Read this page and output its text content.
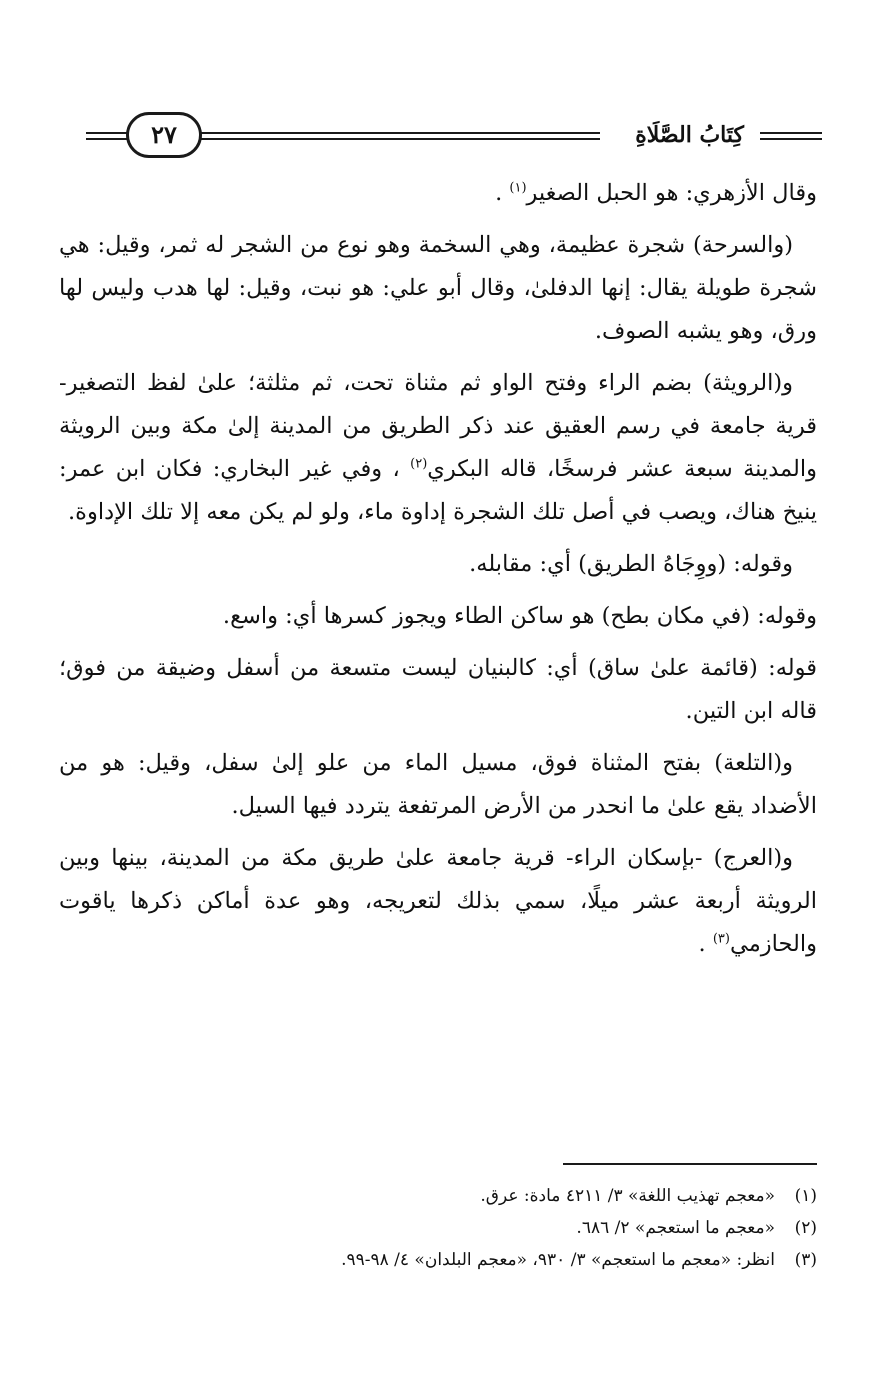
كِتَابُ الصَّلَاةِ
٢٧

وقال الأزهري: هو الحبل الصغير$^{(١)}$ .

(والسرحة) شجرة عظيمة، وهي السخمة وهو نوع من الشجر له ثمر، وقيل: هي شجرة طويلة يقال: إنها الدفلىٰ، وقال أبو علي: هو نبت، وقيل: لها هدب وليس لها ورق، وهو يشبه الصوف.

و(الرويثة) بضم الراء وفتح الواو ثم مثناة تحت، ثم مثلثة؛ علىٰ لفظ التصغير- قرية جامعة في رسم العقيق عند ذكر الطريق من المدينة إلىٰ مكة وبين الرويثة والمدينة سبعة عشر فرسخًا، قاله البكري$^{(٢)}$ ، وفي غير البخاري: فكان ابن عمر: ينيخ هناك، ويصب في أصل تلك الشجرة إداوة ماء، ولو لم يكن معه إلا تلك الإداوة.

وقوله: (ووِجَاهُ الطريق) أي: مقابله.

وقوله: (في مكان بطح) هو ساكن الطاء ويجوز كسرها أي: واسع.

قوله: (قائمة علىٰ ساق) أي: كالبنيان ليست متسعة من أسفل وضيقة من فوق؛ قاله ابن التين.

و(التلعة) بفتح المثناة فوق، مسيل الماء من علو إلىٰ سفل، وقيل: هو من الأضداد يقع علىٰ ما انحدر من الأرض المرتفعة يتردد فيها السيل.

و(العرج) -بإسكان الراء- قرية جامعة علىٰ طريق مكة من المدينة، بينها وبين الرويثة أربعة عشر ميلًا، سمي بذلك لتعريجه، وهو عدة أماكن ذكرها ياقوت والحازمي$^{(٣)}$ .

(١)«معجم تهذيب اللغة» ٣/ ٤٢١١ مادة: عرق.
(٢)«معجم ما استعجم» ٢/ ٦٨٦.
(٣)انظر: «معجم ما استعجم» ٣/ ٩٣٠، «معجم البلدان» ٤/ ٩٨-٩٩.
